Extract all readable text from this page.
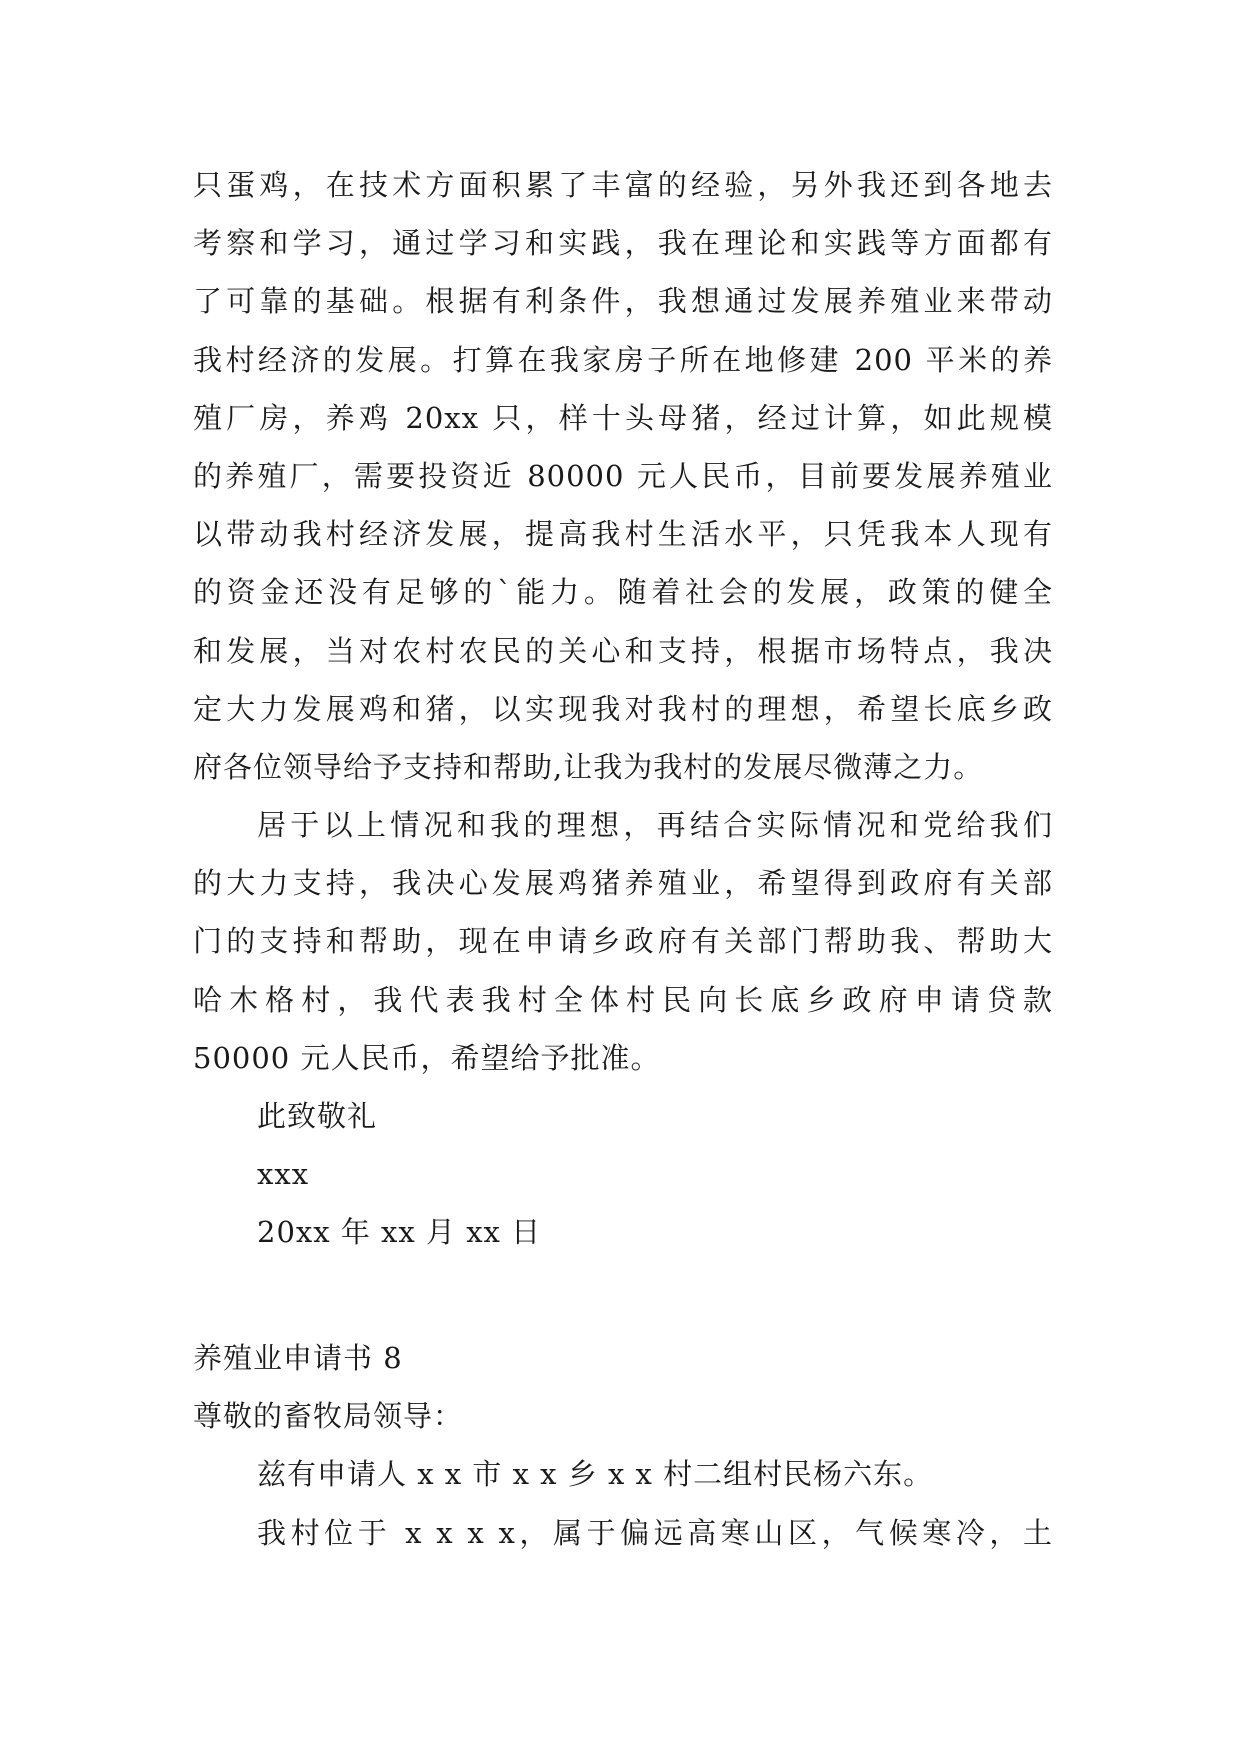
只蛋鸡，在技术方面积累了丰富的经验，另外我还到各地去
考察和学习，通过学习和实践，我在理论和实践等方面都有
了可靠的基础。根据有利条件，我想通过发展养殖业来带动
我村经济的发展。打算在我家房子所在地修建 200 平米的养
殖厂房，养鸡 20xx 只，样十头母猪，经过计算，如此规模
的养殖厂，需要投资近 80000 元人民币，目前要发展养殖业
以带动我村经济发展，提高我村生活水平，只凭我本人现有
的资金还没有足够的`能力。随着社会的发展，政策的健全
和发展，当对农村农民的关心和支持，根据市场特点，我决
定大力发展鸡和猪，以实现我对我村的理想，希望长底乡政
府各位领导给予支持和帮助,让我为我村的发展尽微薄之力。
居于以上情况和我的理想，再结合实际情况和党给我们
的大力支持，我决心发展鸡猪养殖业，希望得到政府有关部
门的支持和帮助，现在申请乡政府有关部门帮助我、帮助大
哈木格村，我代表我村全体村民向长底乡政府申请贷款
50000 元人民币，希望给予批准。
此致敬礼
xxx
20xx 年 xx 月 xx 日
养殖业申请书 8
尊敬的畜牧局领导：
兹有申请人 x x 市 x x 乡 x x 村二组村民杨六东。
我村位于 x x x x，属于偏远高寒山区，气候寒冷，土
